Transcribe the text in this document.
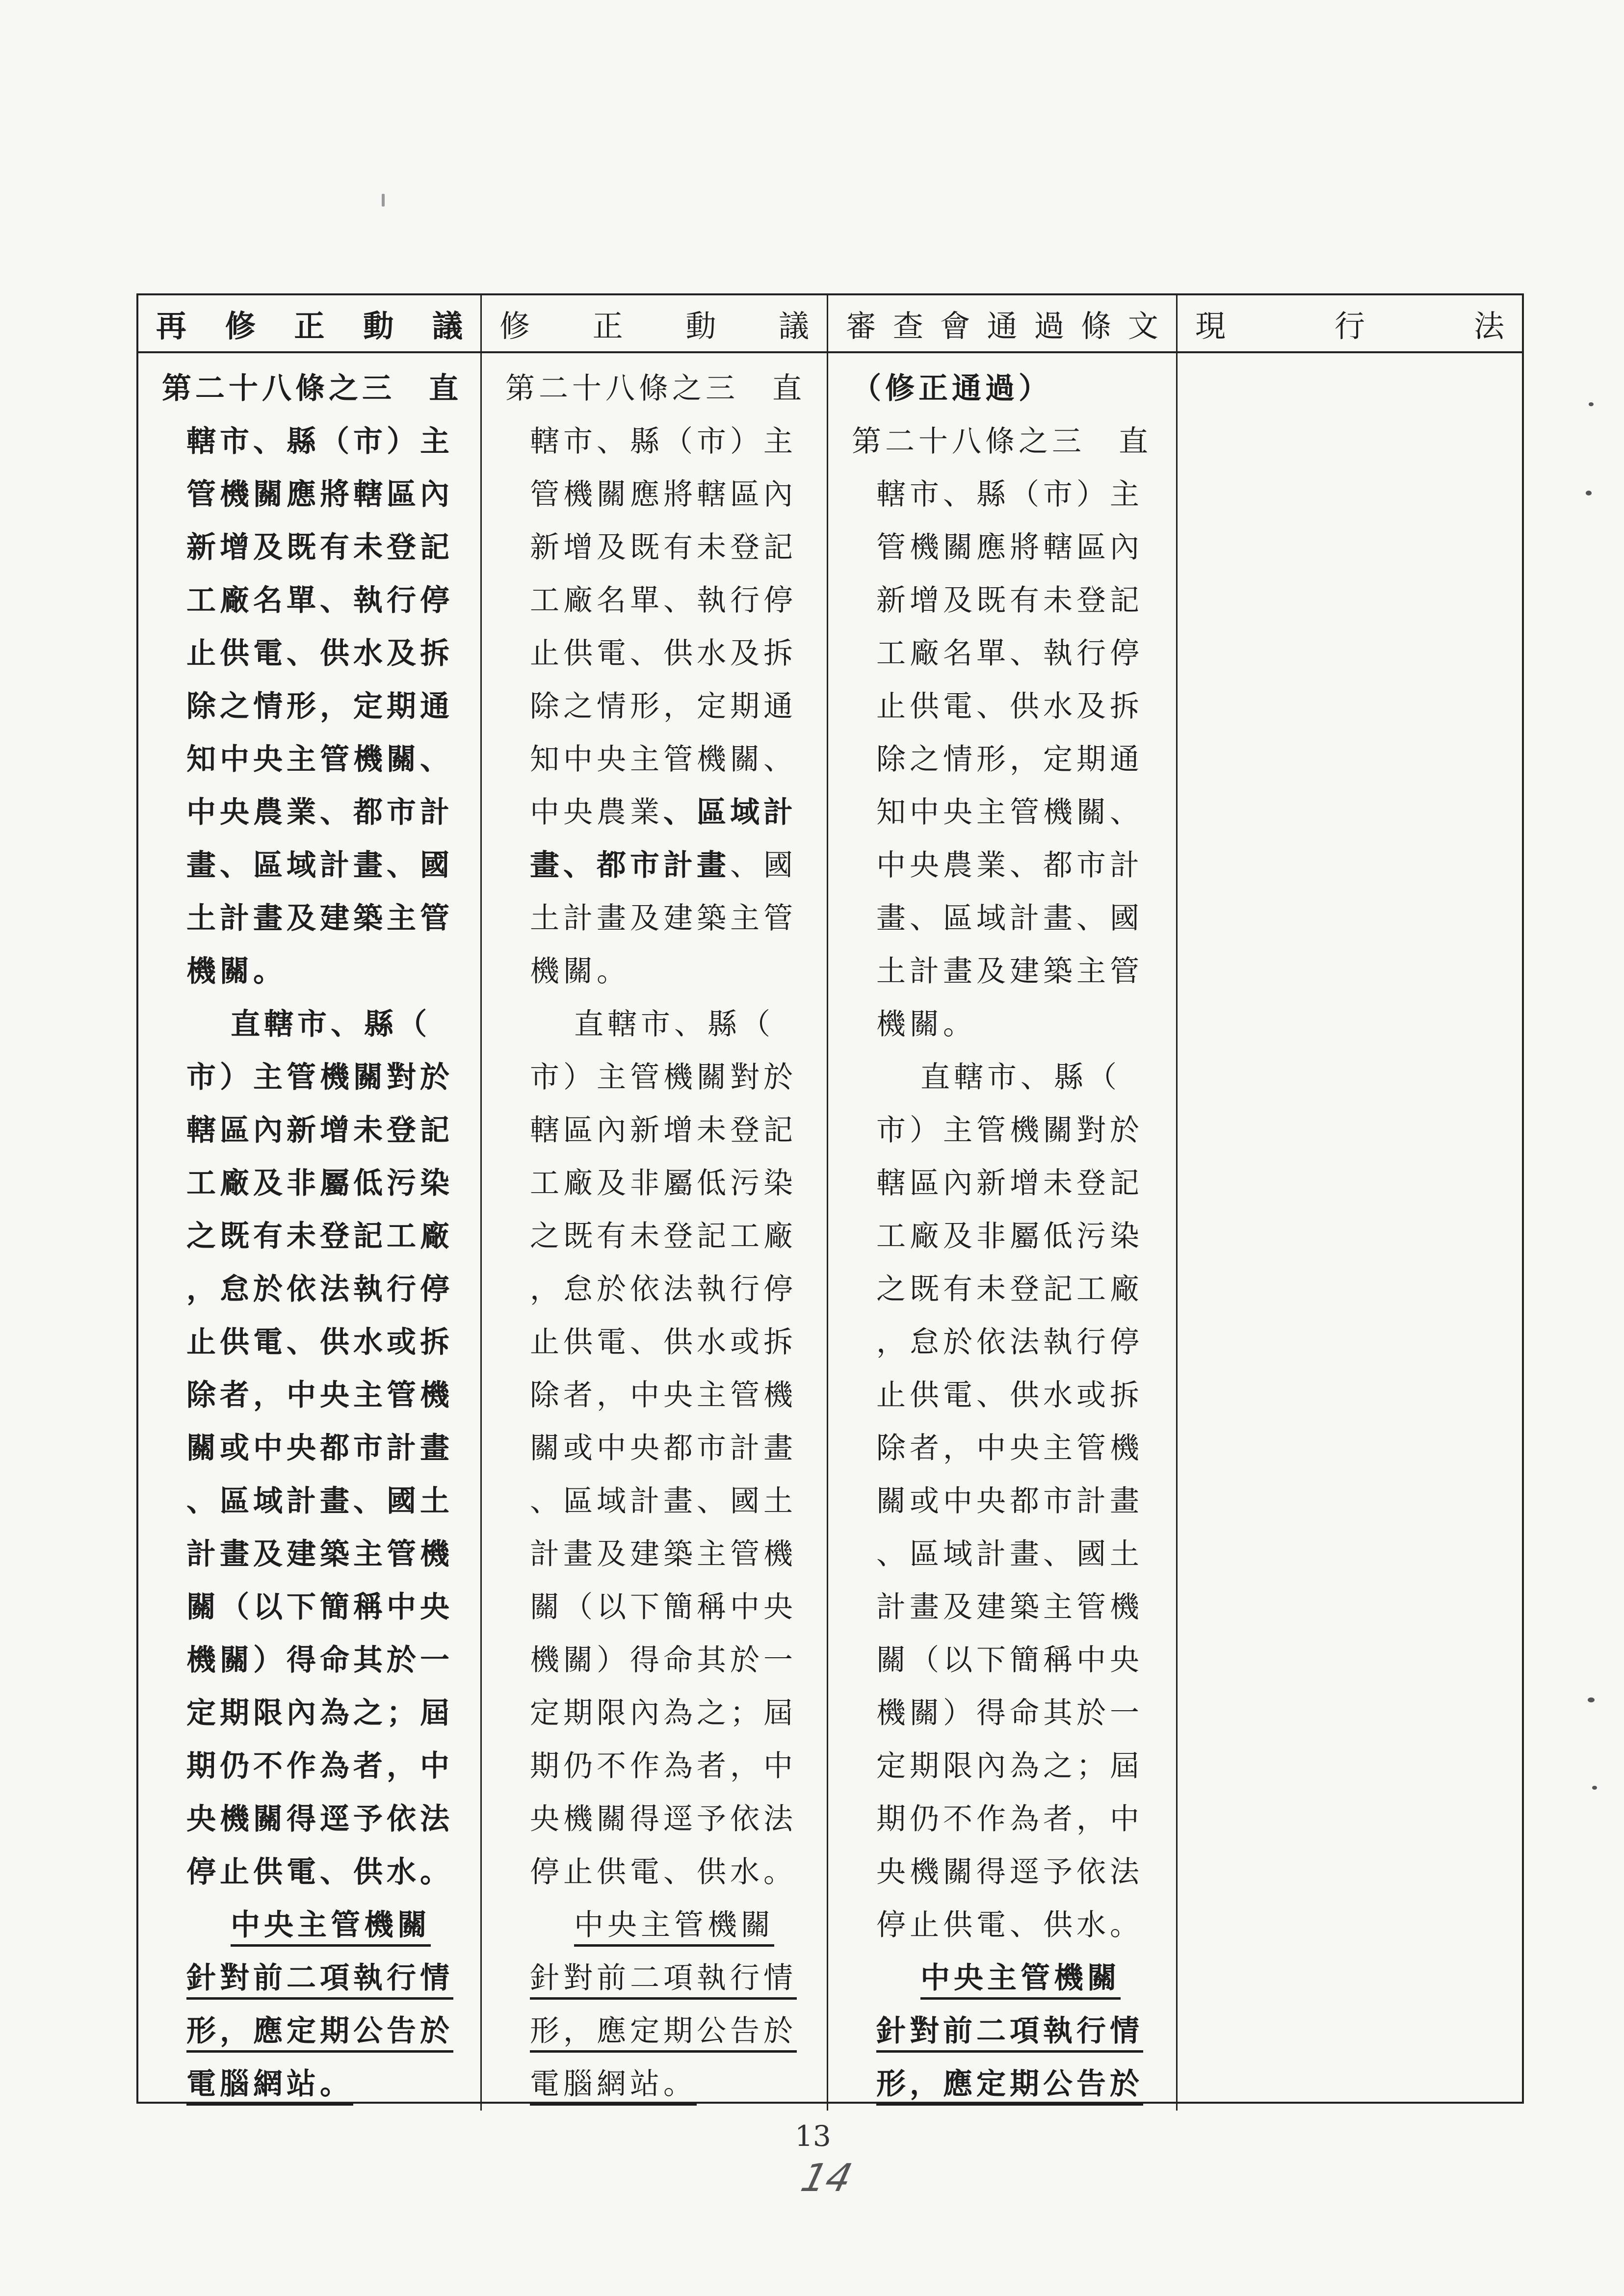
再 修 正 動 議 修 正 動 議 審 查 會 通 過 條 文 現	行	法
第二十八條之三　直
轄市、縣（市）主
管機關應將轄區內
新增及既有未登記
工廠名單、執行停
止供電、供水及拆
除之情形，定期通
知中央主管機關、
中央農業、都市計
畫、區域計畫、國
土計畫及建築主管
機關。
直轄市、縣（
市）主管機關對於
轄區內新增未登記
工廠及非屬低污染
之既有未登記工廠
，怠於依法執行停
止供電、供水或拆
除者，中央主管機
關或中央都市計畫
、區域計畫、國土
計畫及建築主管機
關（以下簡稱中央
機關）得命其於一
定期限內為之；屆
期仍不作為者，中
央機關得逕予依法
停止供電、供水。
中央主管機關
針對前二項執行情
形，應定期公告於
電腦網站。
第二十八條之三　直
轄市、縣（市）主
管機關應將轄區內
新增及既有未登記
工廠名單、執行停
止供電、供水及拆
除之情形，定期通
知中央主管機關、
中央農業、區域計
畫、都市計畫、國
土計畫及建築主管
機關。
直轄市、縣（
市）主管機關對於
轄區內新增未登記
工廠及非屬低污染
之既有未登記工廠
，怠於依法執行停
止供電、供水或拆
除者，中央主管機
關或中央都市計畫
、區域計畫、國土
計畫及建築主管機
關（以下簡稱中央
機關）得命其於一
定期限內為之；屆
期仍不作為者，中
央機關得逕予依法
停止供電、供水。
中央主管機關
針對前二項執行情
形，應定期公告於
電腦網站。
（修正通過）
第二十八條之三　直
轄市、縣（市）主
管機關應將轄區內
新增及既有未登記
工廠名單、執行停
止供電、供水及拆
除之情形，定期通
知中央主管機關、
中央農業、都市計
畫、區域計畫、國
土計畫及建築主管
機關。
直轄市、縣（
市）主管機關對於
轄區內新增未登記
工廠及非屬低污染
之既有未登記工廠
，怠於依法執行停
止供電、供水或拆
除者，中央主管機
關或中央都市計畫
、區域計畫、國土
計畫及建築主管機
關（以下簡稱中央
機關）得命其於一
定期限內為之；屆
期仍不作為者，中
央機關得逕予依法
停止供電、供水。
中央主管機關
針對前二項執行情
形，應定期公告於
13
14
